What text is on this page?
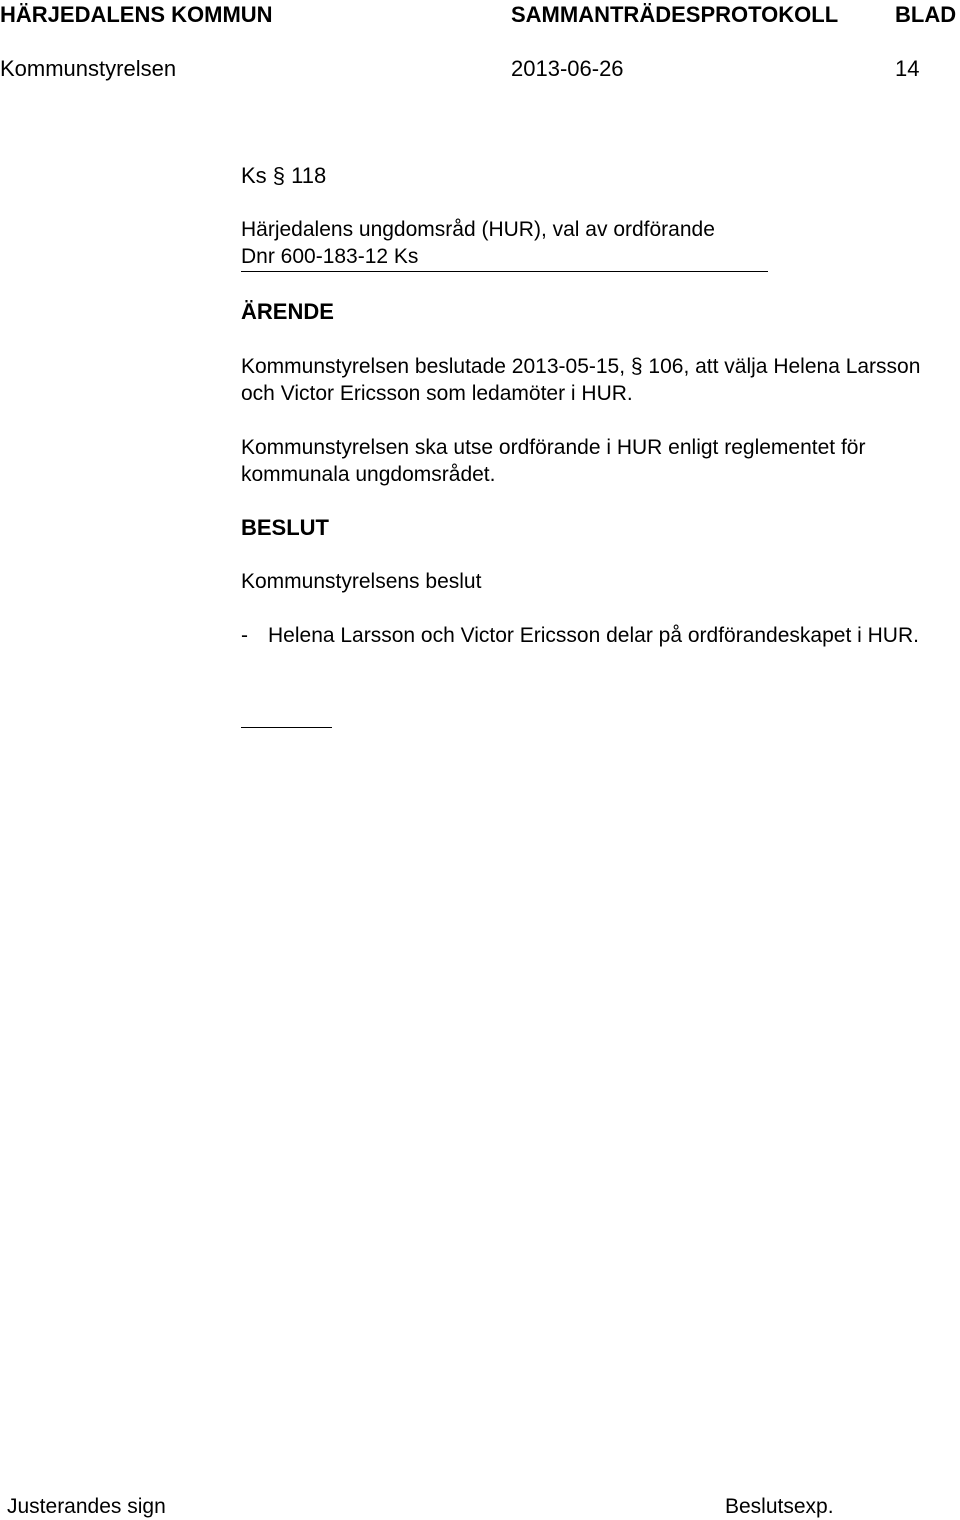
HÄRJEDALENS KOMMUN	SAMMANTRÄDESPROTOKOLL	BLAD
Kommunstyrelsen	2013-06-26	14
Ks § 118
Härjedalens ungdomsråd (HUR), val av ordförande
Dnr 600-183-12 Ks
ÄRENDE
Kommunstyrelsen beslutade 2013-05-15, § 106, att välja Helena Larsson och Victor Ericsson som ledamöter i HUR.
Kommunstyrelsen ska utse ordförande i HUR enligt reglementet för kommunala ungdomsrådet.
BESLUT
Kommunstyrelsens beslut
- Helena Larsson och Victor Ericsson delar på ordförandeskapet i HUR.
Justerandes sign	Beslutsexp.
